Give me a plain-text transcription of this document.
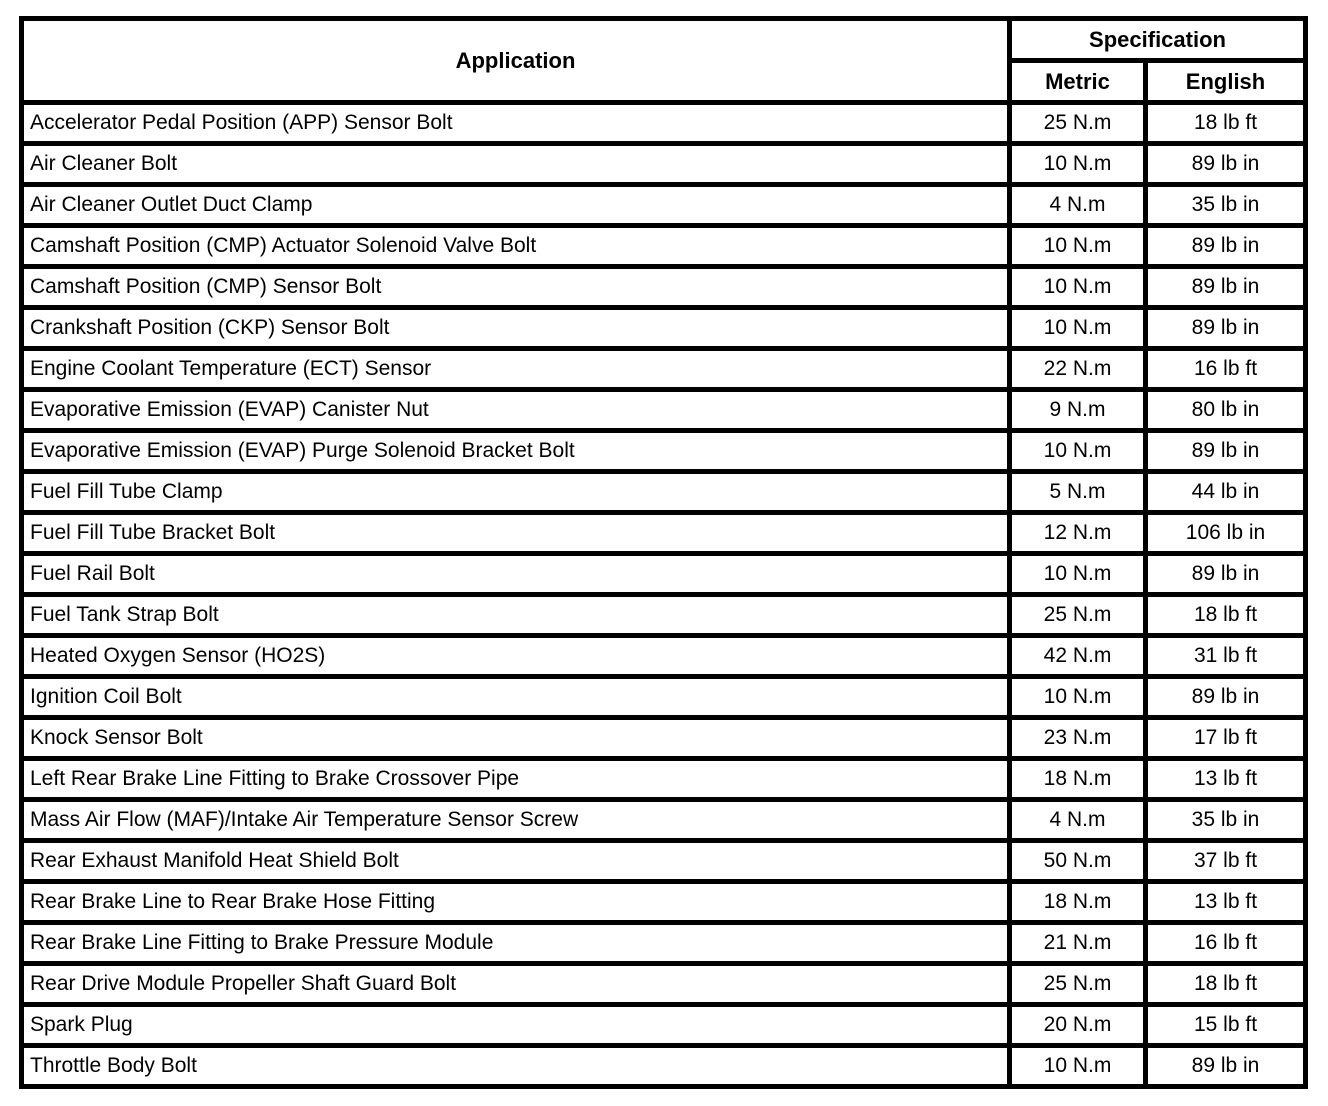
Application	Specification	
	Metric	English
Accelerator Pedal Position (APP) Sensor Bolt	25 N.m	18 lb ft
Air Cleaner Bolt	10 N.m	89 lb in
Air Cleaner Outlet Duct Clamp	4 N.m	35 lb in
Camshaft Position (CMP) Actuator Solenoid Valve Bolt	10 N.m	89 lb in
Camshaft Position (CMP) Sensor Bolt	10 N.m	89 lb in
Crankshaft Position (CKP) Sensor Bolt	10 N.m	89 lb in
Engine Coolant Temperature (ECT) Sensor	22 N.m	16 lb ft
Evaporative Emission (EVAP) Canister Nut	9 N.m	80 lb in
Evaporative Emission (EVAP) Purge Solenoid Bracket Bolt	10 N.m	89 lb in
Fuel Fill Tube Clamp	5 N.m	44 lb in
Fuel Fill Tube Bracket Bolt	12 N.m	106 lb in
Fuel Rail Bolt	10 N.m	89 lb in
Fuel Tank Strap Bolt	25 N.m	18 lb ft
Heated Oxygen Sensor (HO2S)	42 N.m	31 lb ft
Ignition Coil Bolt	10 N.m	89 lb in
Knock Sensor Bolt	23 N.m	17 lb ft
Left Rear Brake Line Fitting to Brake Crossover Pipe	18 N.m	13 lb ft
Mass Air Flow (MAF)/Intake Air Temperature Sensor Screw	4 N.m	35 lb in
Rear Exhaust Manifold Heat Shield Bolt	50 N.m	37 lb ft
Rear Brake Line to Rear Brake Hose Fitting	18 N.m	13 lb ft
Rear Brake Line Fitting to Brake Pressure Module	21 N.m	16 lb ft
Rear Drive Module Propeller Shaft Guard Bolt	25 N.m	18 lb ft
Spark Plug	20 N.m	15 lb ft
Throttle Body Bolt	10 N.m	89 lb in
